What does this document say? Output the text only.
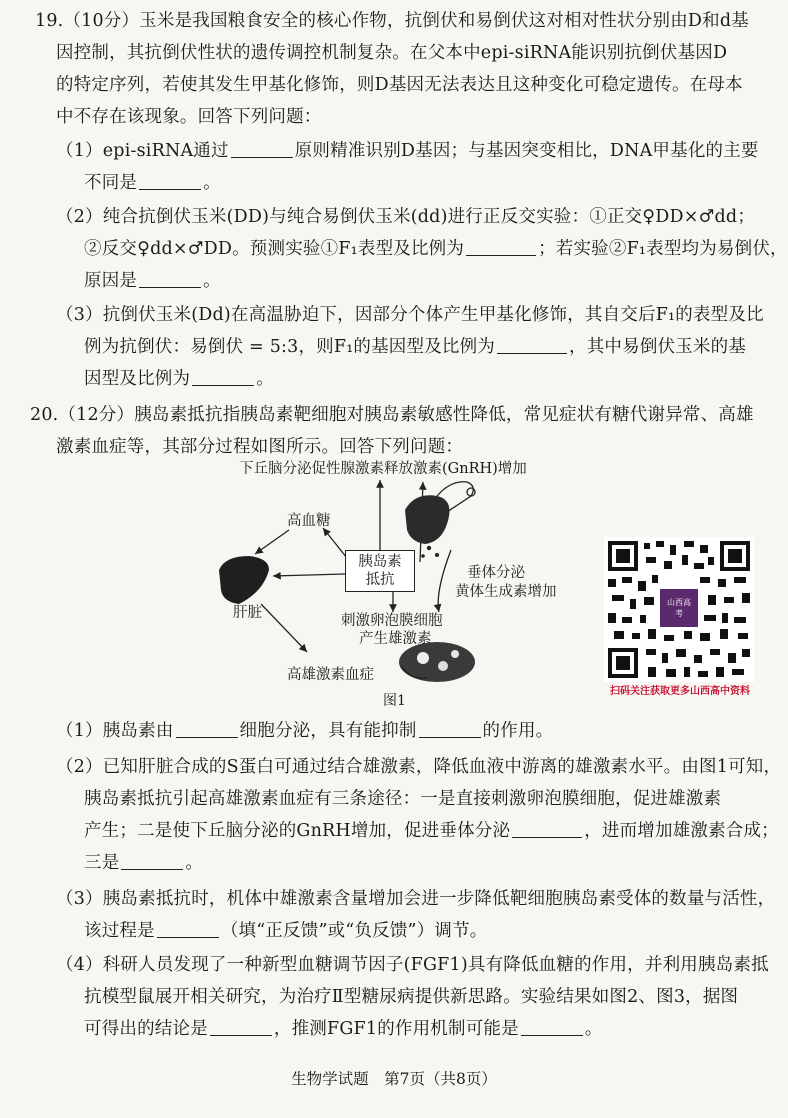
19.（10分）玉米是我国粮食安全的核心作物，抗倒伏和易倒伏这对相对性状分别由D和d基
因控制，其抗倒伏性状的遗传调控机制复杂。在父本中epi-siRNA能识别抗倒伏基因D
的特定序列，若使其发生甲基化修饰，则D基因无法表达且这种变化可稳定遗传。在母本
中不存在该现象。回答下列问题：
（1）epi-siRNA通过	原则精准识别D基因；与基因突变相比，DNA甲基化的主要
不同是	。
（2）纯合抗倒伏玉米(DD)与纯合易倒伏玉米(dd)进行正反交实验：①正交♀DD×♂dd；
②反交♀dd×♂DD。预测实验①F₁表型及比例为	；若实验②F₁表型均为易倒伏，
原因是	。
（3）抗倒伏玉米(Dd)在高温胁迫下，因部分个体产生甲基化修饰，其自交后F₁的表型及比
例为抗倒伏：易倒伏 = 5:3，则F₁的基因型及比例为	，其中易倒伏玉米的基
因型及比例为	。
20.（12分）胰岛素抵抗指胰岛素靶细胞对胰岛素敏感性降低，常见症状有糖代谢异常、高雄
激素血症等，其部分过程如图所示。回答下列问题：
下丘脑分泌促性腺激素释放激素(GnRH)增加
高血糖
胰岛素
抵抗
肝脏
垂体分泌
黄体生成素增加
刺激卵泡膜细胞
产生雄激素
高雄激素血症
图1
山西高考
扫码关注获取更多山西高中资料
（1）胰岛素由	细胞分泌，具有能抑制	的作用。
（2）已知肝脏合成的S蛋白可通过结合雄激素，降低血液中游离的雄激素水平。由图1可知，
胰岛素抵抗引起高雄激素血症有三条途径：一是直接刺激卵泡膜细胞，促进雄激素
产生；二是使下丘脑分泌的GnRH增加，促进垂体分泌	，进而增加雄激素合成；
三是	。
（3）胰岛素抵抗时，机体中雄激素含量增加会进一步降低靶细胞胰岛素受体的数量与活性，
该过程是	（填“正反馈”或“负反馈”）调节。
（4）科研人员发现了一种新型血糖调节因子(FGF1)具有降低血糖的作用，并利用胰岛素抵
抗模型鼠展开相关研究，为治疗Ⅱ型糖尿病提供新思路。实验结果如图2、图3，据图
可得出的结论是	，推测FGF1的作用机制可能是	。
生物学试题　第7页（共8页）
